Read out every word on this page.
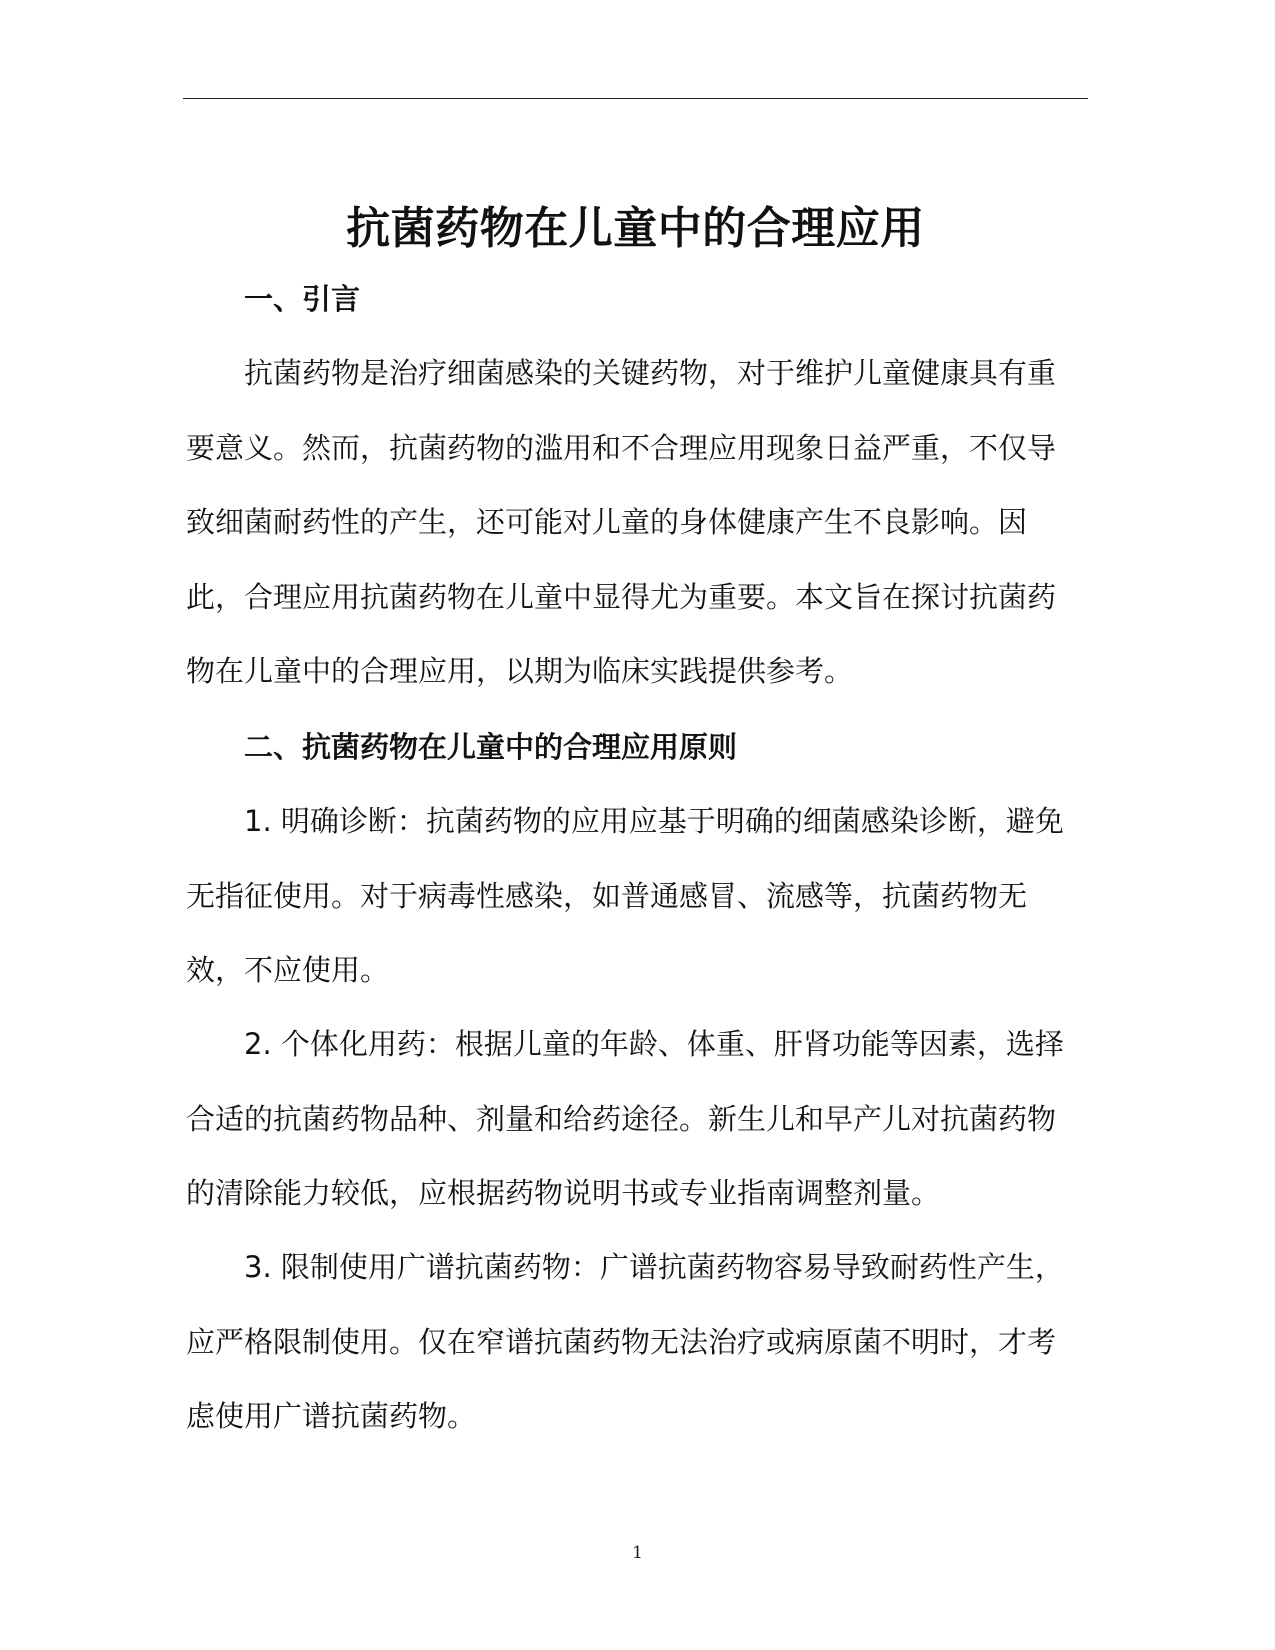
抗菌药物在儿童中的合理应用
一、引言

抗菌药物是治疗细菌感染的关键药物，对于维护儿童健康具有重
要意义。然而，抗菌药物的滥用和不合理应用现象日益严重，不仅导
致细菌耐药性的产生，还可能对儿童的身体健康产生不良影响。因
此，合理应用抗菌药物在儿童中显得尤为重要。本文旨在探讨抗菌药
物在儿童中的合理应用，以期为临床实践提供参考。

二、抗菌药物在儿童中的合理应用原则

1. 明确诊断：抗菌药物的应用应基于明确的细菌感染诊断，避免
无指征使用。对于病毒性感染，如普通感冒、流感等，抗菌药物无
效，不应使用。

2. 个体化用药：根据儿童的年龄、体重、肝肾功能等因素，选择
合适的抗菌药物品种、剂量和给药途径。新生儿和早产儿对抗菌药物
的清除能力较低，应根据药物说明书或专业指南调整剂量。

3. 限制使用广谱抗菌药物：广谱抗菌药物容易导致耐药性产生，
应严格限制使用。仅在窄谱抗菌药物无法治疗或病原菌不明时，才考
虑使用广谱抗菌药物。

1
